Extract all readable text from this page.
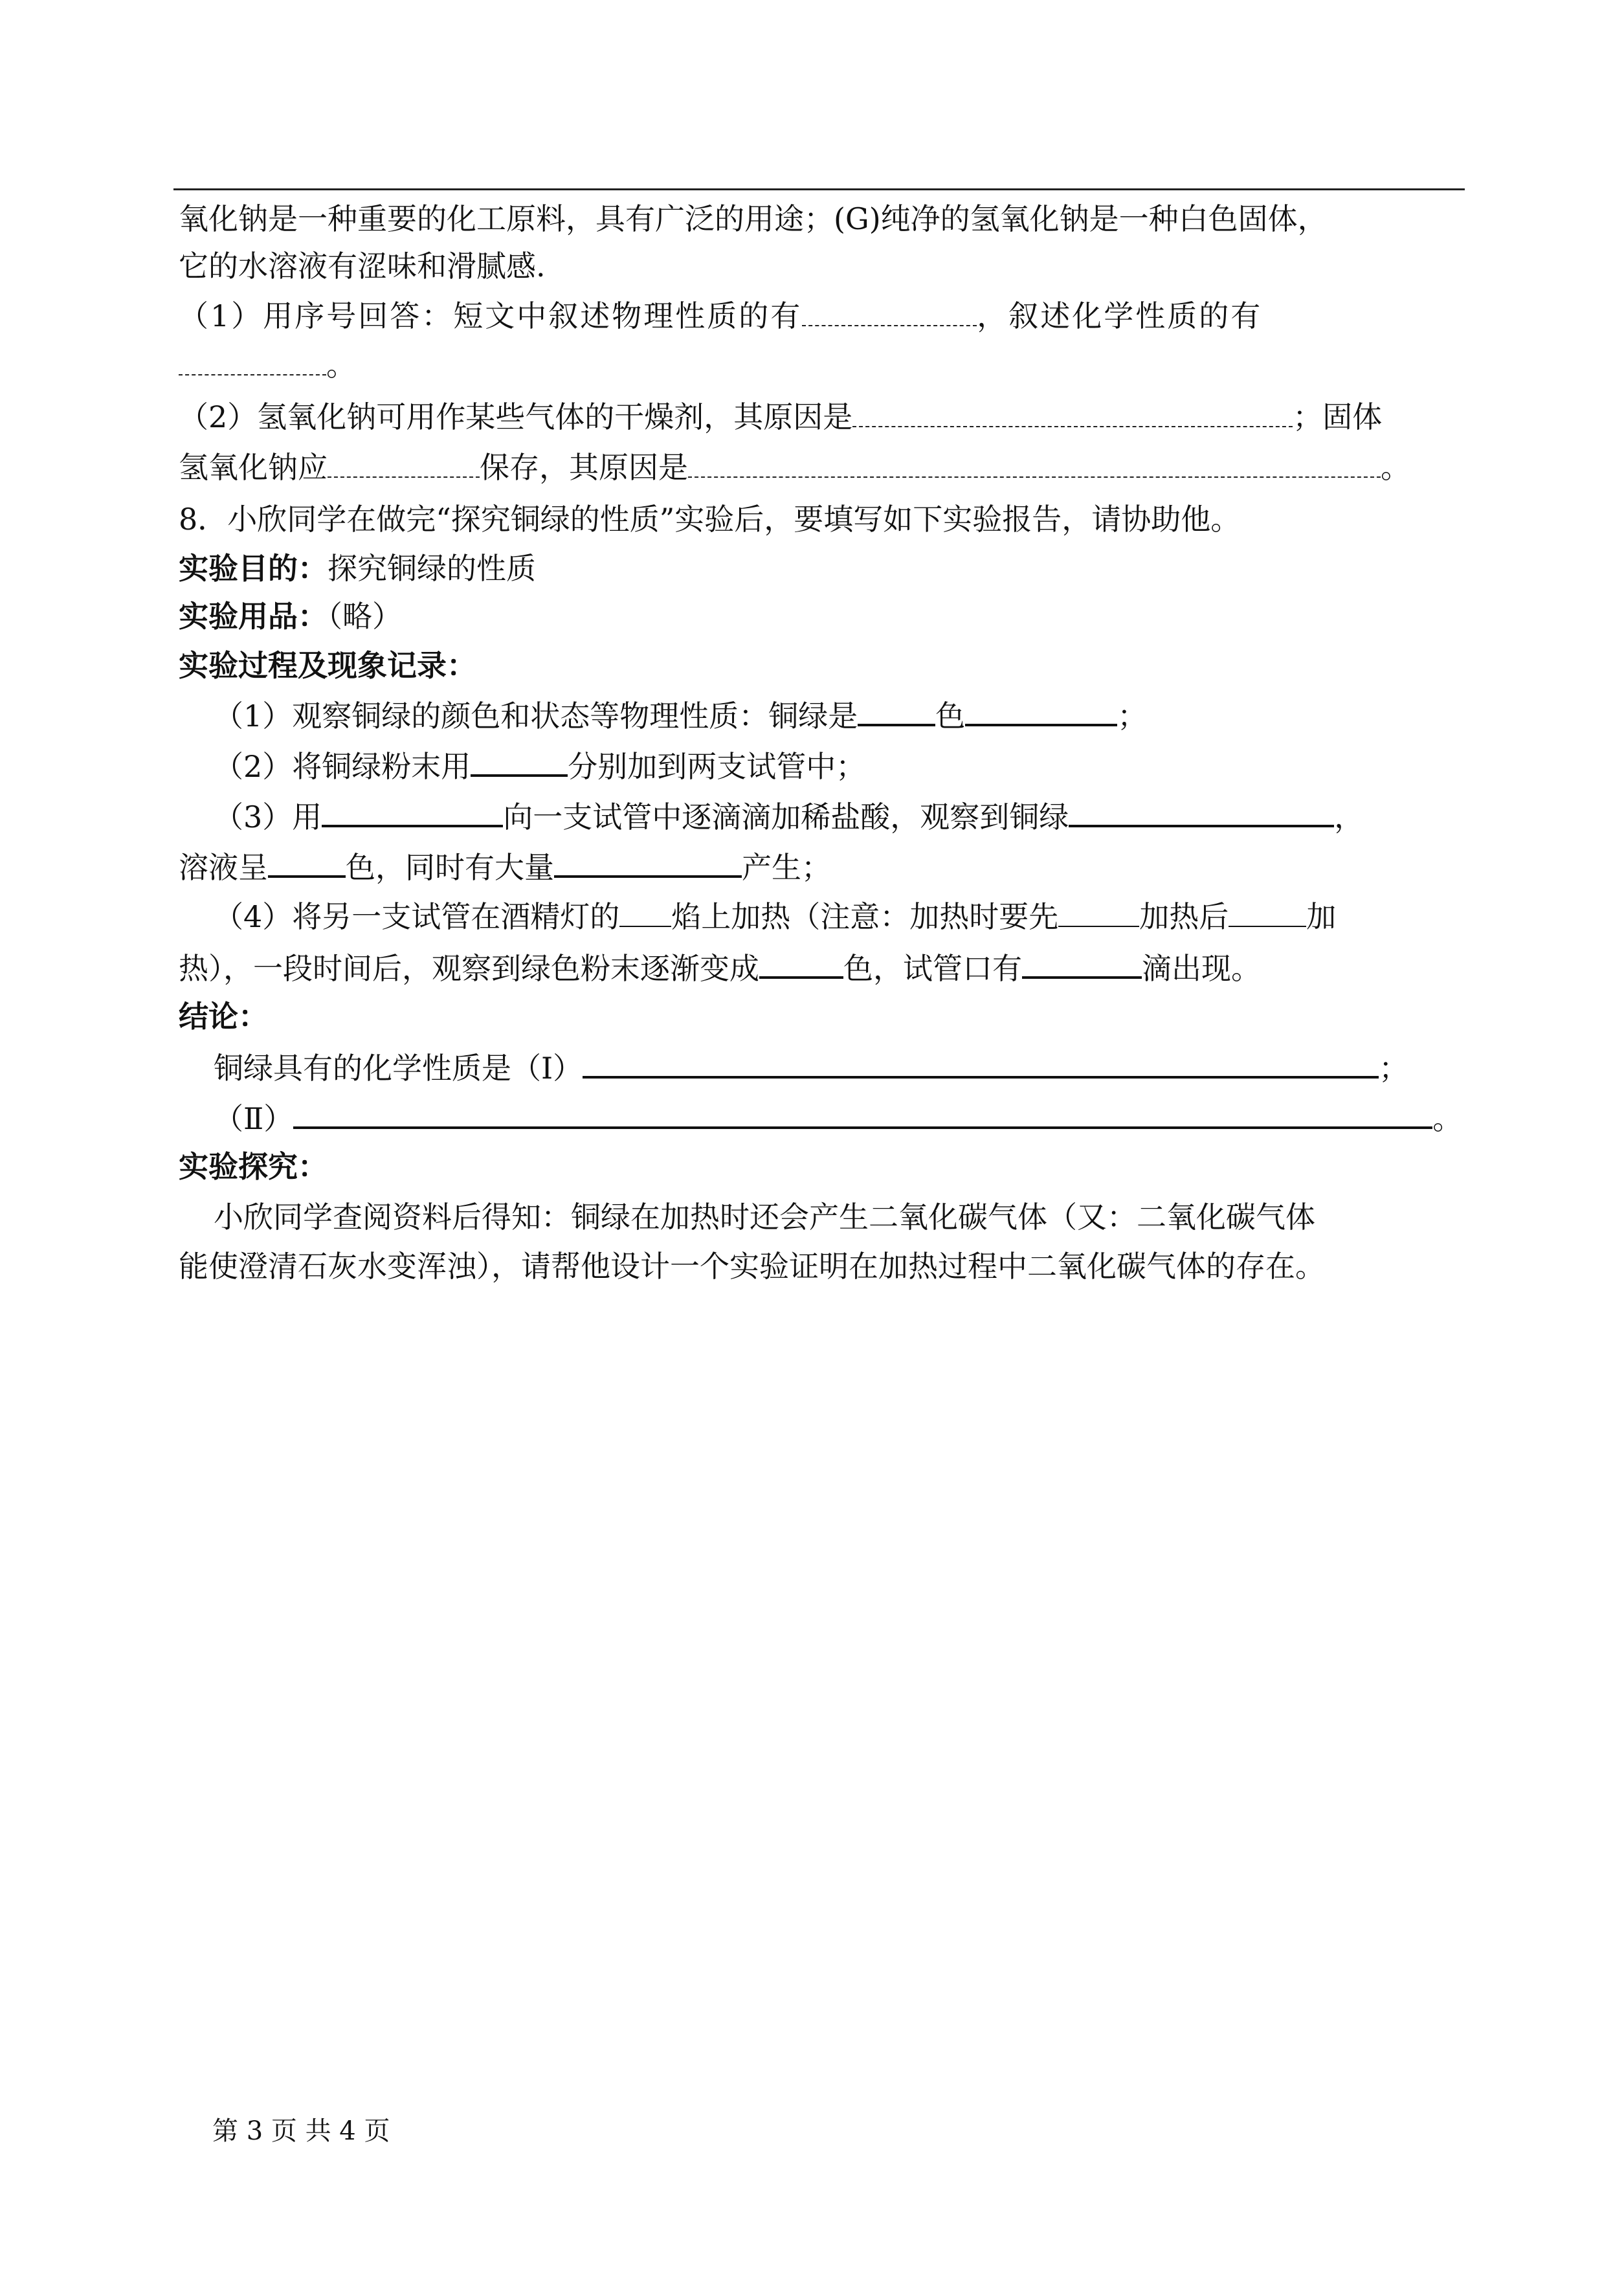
氧化钠是一种重要的化工原料，具有广泛的用途；(G)纯净的氢氧化钠是一种白色固体，
它的水溶液有涩味和滑腻感.
（1）用序号回答：短文中叙述物理性质的有	，叙述化学性质的有
。
（2）氢氧化钠可用作某些气体的干燥剂，其原因是	；固体
氢氧化钠应	保存，其原因是	。
8．小欣同学在做完“探究铜绿的性质”实验后，要填写如下实验报告，请协助他。
实验目的：探究铜绿的性质
实验用品：（略）
实验过程及现象记录：
（1）观察铜绿的颜色和状态等物理性质：铜绿是	色	；
（2）将铜绿粉末用	分别加到两支试管中；
（3）用	向一支试管中逐滴滴加稀盐酸，观察到铜绿	，
溶液呈	色，同时有大量	产生；
（4）将另一支试管在酒精灯的 焰上加热（注意：加热时要先	加热后	加
热），一段时间后，观察到绿色粉末逐渐变成	色，试管口有	滴出现。
结论：
铜绿具有的化学性质是（Ⅰ）	；
（Ⅱ）	。
实验探究：
小欣同学查阅资料后得知：铜绿在加热时还会产生二氧化碳气体（又：二氧化碳气体
能使澄清石灰水变浑浊），请帮他设计一个实验证明在加热过程中二氧化碳气体的存在。
第 3 页 共 4 页
